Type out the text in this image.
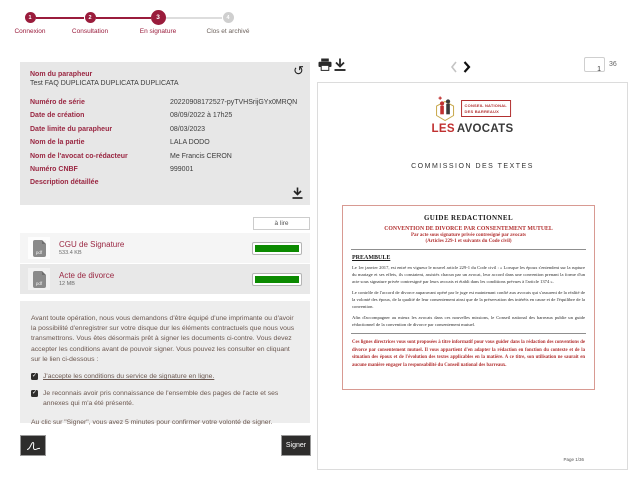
1	2	3	4
Connexion	Consultation	En signature	Clos et archivé
Nom du parapheur
Test FAQ DUPLICATA DUPLICATA DUPLICATA
Numéro de série	20220908172527-pyTVHSrijGYx0MRQN
Date de création	08/09/2022 à 17h25
Date limite du parapheur	08/03/2023
Nom de la partie	LALA DODO
Nom de l'avocat co-rédacteur	Me Francis CERON
Numéro CNBF	999001
Description détaillée
↺
à lire
pdf
CGU de Signature
533.4 KB
pdf
Acte de divorce
12 MB
Avant toute opération, nous vous demandons d'être équipé d'une imprimante ou d'avoir la possibilité d'enregistrer sur votre disque dur les éléments contractuels que nous vous transmettrons. Vous êtes désormais prêt à signer les documents ci-contre. Vous devez accepter les conditions avant de pouvoir signer. Vous pouvez les consulter en cliquant sur le lien ci-dessous :
✓
J'accepte les conditions du service de signature en ligne.
✓
Je reconnais avoir pris connaissance de l'ensemble des pages de l'acte et ses annexes qui m'a été présenté.
Au clic sur "Signer", vous avez 5 minutes pour confirmer votre volonté de signer.
Signer
1
36
CONSEIL NATIONAL
DES BARREAUX
LES AVOCATS
COMMISSION DES TEXTES
GUIDE REDACTIONNEL
CONVENTION DE DIVORCE PAR CONSENTEMENT MUTUEL
Par acte sous signature privée contresigné par avocats
(Articles 229-1 et suivants du Code civil)
PREAMBULE
Le 1er janvier 2017, est entré en vigueur le nouvel article 229-1 du Code civil : « Lorsque les époux s'entendent sur la rupture du mariage et ses effets, ils constatent, assistés chacun par un avocat, leur accord dans une convention prenant la forme d'un acte sous signature privée contresigné par leurs avocats et établi dans les conditions prévues à l'article 1374 ».
Le contrôle de l'accord de divorce auparavant opéré par le juge est maintenant confié aux avocats qui s'assurent de la réalité de la volonté des époux, de la qualité de leur consentement ainsi que de la préservation des intérêts en cause et de l'équilibre de la convention.
Afin d'accompagner au mieux les avocats dans ces nouvelles missions, le Conseil national des barreaux publie un guide rédactionnel de la convention de divorce par consentement mutuel.
Ces lignes directrices vous sont proposées à titre informatif pour vous guider dans la rédaction des conventions de divorce par consentement mutuel. Il vous appartient d'en adapter la rédaction en fonction du contexte et de la situation des époux et de l'évolution des textes applicables en la matière. A ce titre, son utilisation ne saurait en aucune manière engager la responsabilité du Conseil national des barreaux.
Page 1/36
